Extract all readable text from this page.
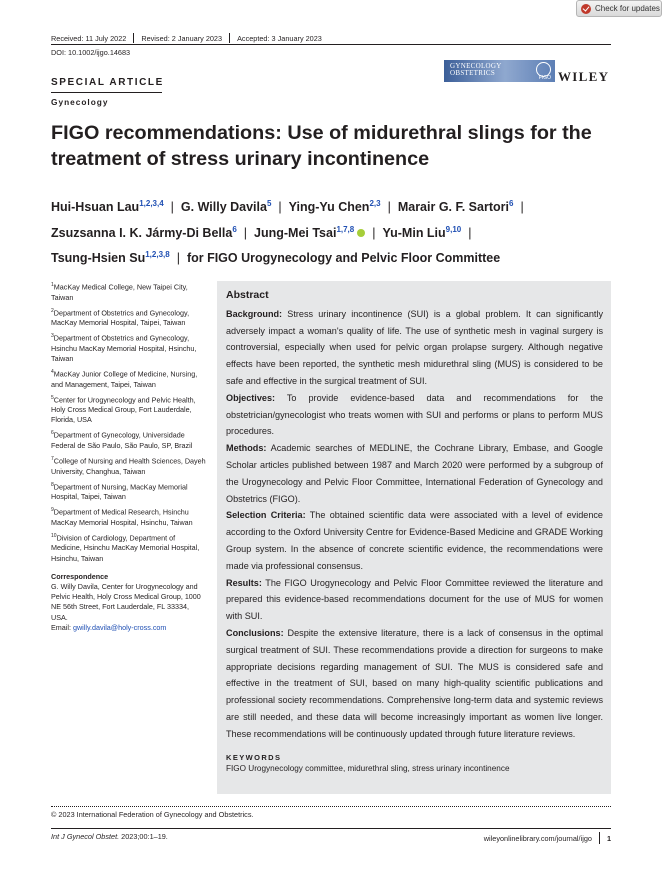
Check for updates
Received: 11 July 2022 Revised: 2 January 2023 Accepted: 3 January 2023
DOI: 10.1002/ijgo.14683
SPECIAL ARTICLE
Gynecology
GYNECOLOGY
OBSTETRICS
FIGO WILEY
FIGO recommendations: Use of midurethral slings for the treatment of stress urinary incontinence
Hui-Hsuan Lau$^{1,2,3,4}$ | G. Willy Davila$^5$ | Ying-Yu Chen$^{2,3}$ | Marair G. F. Sartori$^6$ |
Zsuzsanna I. K. Jármy-Di Bella$^6$ | Jung-Mei Tsai$^{1,7,8}$ | Yu-Min Liu$^{9,10}$ |
Tsung-Hsien Su$^{1,2,3,8}$ | for FIGO Urogynecology and Pelvic Floor Committee
$^1$MacKay Medical College, New Taipei City, Taiwan
$^2$Department of Obstetrics and Gynecology, MacKay Memorial Hospital, Taipei, Taiwan
$^3$Department of Obstetrics and Gynecology, Hsinchu MacKay Memorial Hospital, Hsinchu, Taiwan
$^4$MacKay Junior College of Medicine, Nursing, and Management, Taipei, Taiwan
$^5$Center for Urogynecology and Pelvic Health, Holy Cross Medical Group, Fort Lauderdale, Florida, USA
$^6$Department of Gynecology, Universidade Federal de São Paulo, São Paulo, SP, Brazil
$^7$College of Nursing and Health Sciences, Dayeh University, Changhua, Taiwan
$^8$Department of Nursing, MacKay Memorial Hospital, Taipei, Taiwan
$^9$Department of Medical Research, Hsinchu MacKay Memorial Hospital, Hsinchu, Taiwan
$^{10}$Division of Cardiology, Department of Medicine, Hsinchu MacKay Memorial Hospital, Hsinchu, Taiwan
Correspondence
G. Willy Davila, Center for Urogynecology and Pelvic Health, Holy Cross Medical Group, 1000 NE 56th Street, Fort Lauderdale, FL 33334, USA.
Email: gwilly.davila@holy-cross.com
Abstract

Background: Stress urinary incontinence (SUI) is a global problem. It can significantly adversely impact a woman's quality of life. The use of synthetic mesh in vaginal surgery is controversial, especially when used for pelvic organ prolapse surgery. Although negative effects have been reported, the synthetic mesh midurethral sling (MUS) is considered to be safe and effective in the surgical treatment of SUI.

Objectives: To provide evidence-based data and recommendations for the obstetrician/gynecologist who treats women with SUI and performs or plans to perform MUS procedures.

Methods: Academic searches of MEDLINE, the Cochrane Library, Embase, and Google Scholar articles published between 1987 and March 2020 were performed by a subgroup of the Urogynecology and Pelvic Floor Committee, International Federation of Gynecology and Obstetrics (FIGO).

Selection Criteria: The obtained scientific data were associated with a level of evidence according to the Oxford University Centre for Evidence-Based Medicine and GRADE Working Group system. In the absence of concrete scientific evidence, the recommendations were made via professional consensus.

Results: The FIGO Urogynecology and Pelvic Floor Committee reviewed the literature and prepared this evidence-based recommendations document for the use of MUS for women with SUI.

Conclusions: Despite the extensive literature, there is a lack of consensus in the optimal surgical treatment of SUI. These recommendations provide a direction for surgeons to make appropriate decisions regarding management of SUI. The MUS is considered safe and effective in the treatment of SUI, based on many high-quality scientific publications and professional society recommendations. Comprehensive long-term data and systemic reviews are still needed, and these data will become increasingly important as women live longer. These recommendations will be continuously updated through future literature reviews.

KEYWORDS
FIGO Urogynecology committee, midurethral sling, stress urinary incontinence
© 2023 International Federation of Gynecology and Obstetrics.
Int J Gynecol Obstet. 2023;00:1–19.	wileyonlinelibrary.com/journal/ijgo 1
